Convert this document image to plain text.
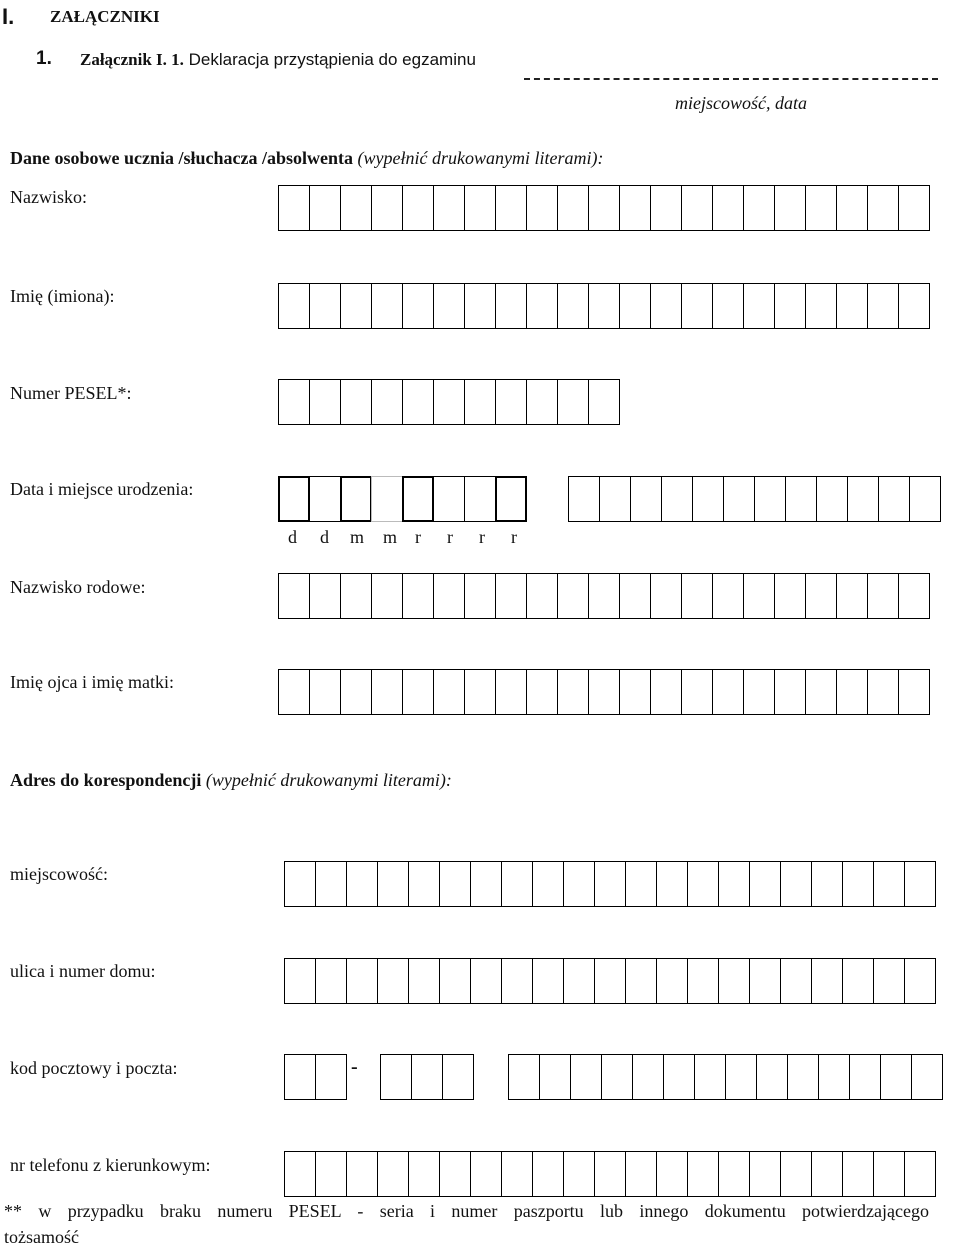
I. ZAŁĄCZNIKI
1. Załącznik I. 1. Deklaracja przystąpienia do egzaminu
miejscowość, data
Dane osobowe ucznia /słuchacza /absolwenta (wypełnić drukowanymi literami):
Nazwisko:
Imię (imiona):
Numer PESEL*:
Data i miejsce urodzenia:
d d m m r r r r
Nazwisko rodowe:
Imię ojca i imię matki:
Adres do korespondencji (wypełnić drukowanymi literami):
miejscowość:
ulica i numer domu:
kod pocztowy i poczta:	-
nr telefonu z kierunkowym:
** w przypadku braku numeru PESEL - seria i numer paszportu lub innego dokumentu potwierdzającego
tożsamość
